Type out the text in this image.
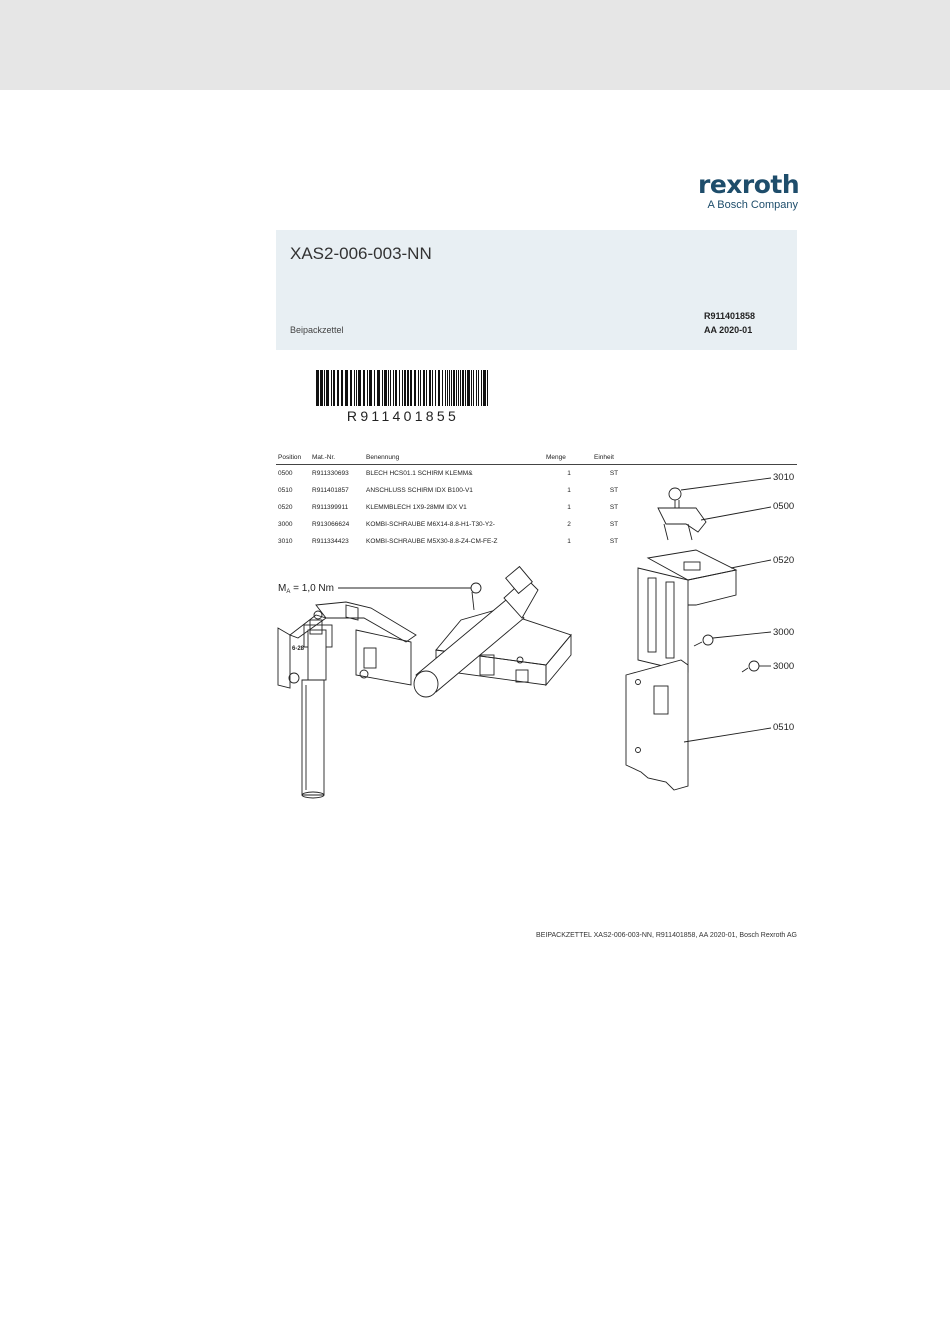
rexroth
A Bosch Company
XAS2-006-003-NN
Beipackzettel
R911401858
AA 2020-01
R911401855
Position	Mat.-Nr.	Benennung	Menge	Einheit	
0500	R911330693	BLECH HCS01.1 SCHIRM KLEMM&	1	ST	
0510	R911401857	ANSCHLUSS SCHIRM IDX B100-V1	1	ST	
0520	R911399911	KLEMMBLECH 1X9-28MM IDX V1	1	ST	
3000	R913066624	KOMBI-SCHRAUBE M6X14-8.8-H1-T30-Y2-	2	ST	
3010	R911334423	KOMBI-SCHRAUBE M5X30-8.8-Z4-CM-FE-Z	1	ST	
$M_A = 1,0$ Nm
6-28
3010
0500
0520
3000
3000
0510
BEIPACKZETTEL XAS2-006-003-NN, R911401858, AA 2020-01, Bosch Rexroth AG
